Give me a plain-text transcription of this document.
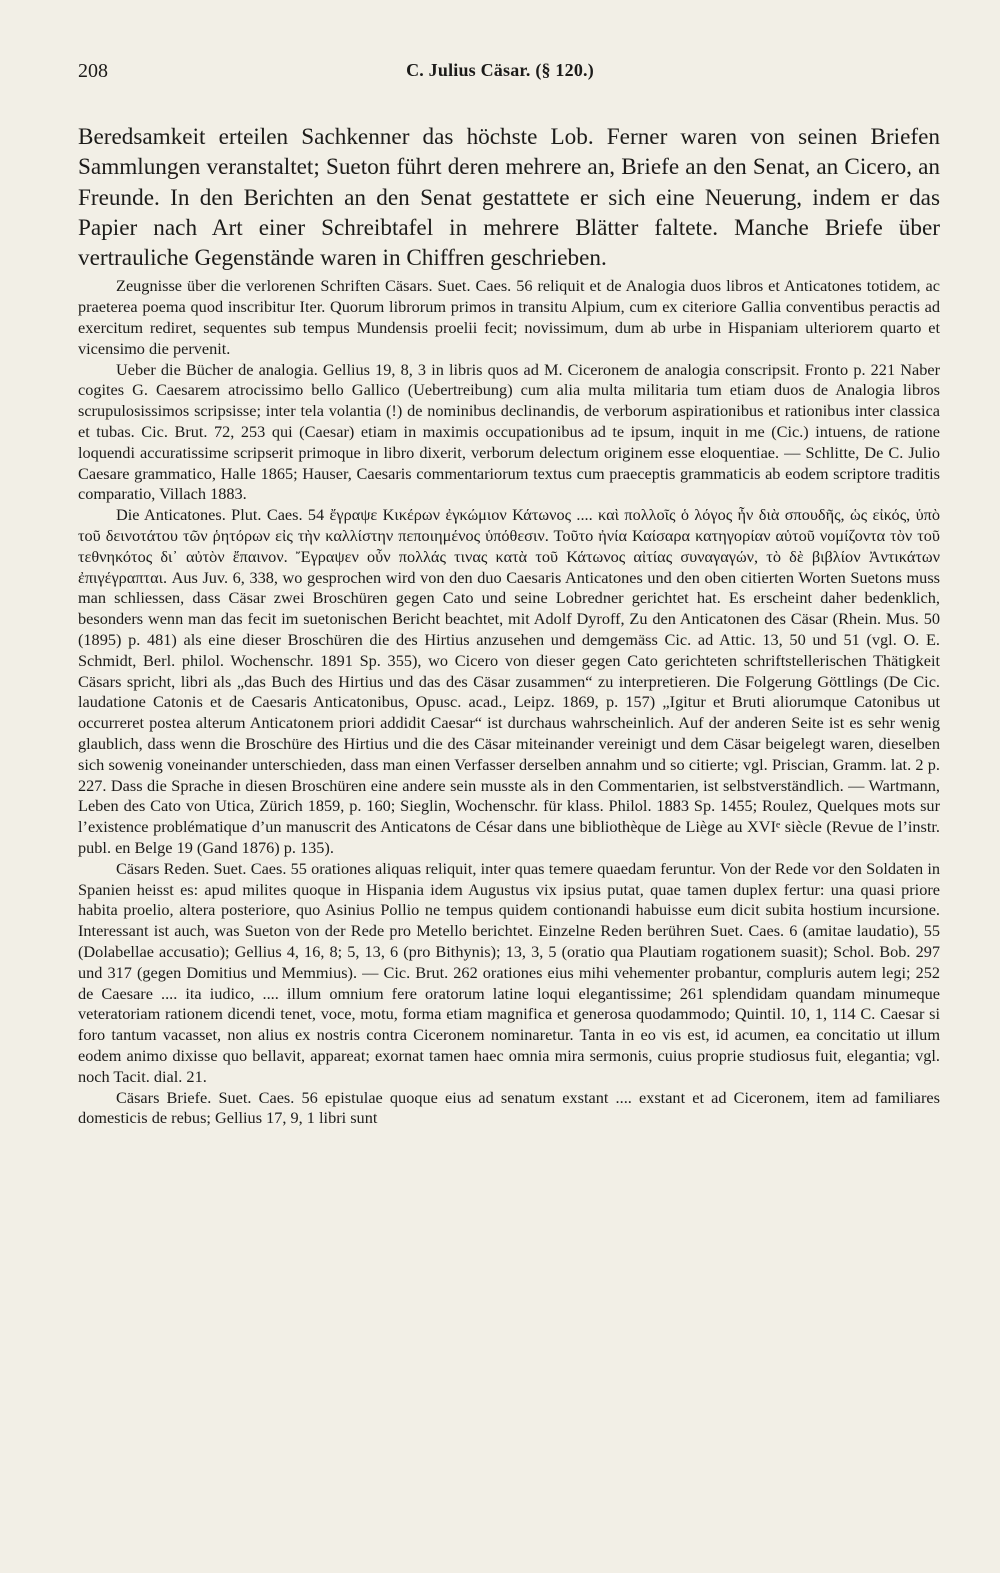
208	C. Julius Cäsar. (§ 120.)

Beredsamkeit erteilen Sachkenner das höchste Lob. Ferner waren von seinen Briefen Sammlungen veranstaltet; Sueton führt deren mehrere an, Briefe an den Senat, an Cicero, an Freunde. In den Berichten an den Senat gestattete er sich eine Neuerung, indem er das Papier nach Art einer Schreibtafel in mehrere Blätter faltete. Manche Briefe über vertrauliche Gegenstände waren in Chiffren geschrieben.

Zeugnisse über die verlorenen Schriften Cäsars. Suet. Caes. 56 reliquit et de Analogia duos libros et Anticatones totidem, ac praeterea poema quod inscribitur Iter. Quorum librorum primos in transitu Alpium, cum ex citeriore Gallia conventibus peractis ad exercitum rediret, sequentes sub tempus Mundensis proelii fecit; novissimum, dum ab urbe in Hispaniam ulteriorem quarto et vicensimo die pervenit.

Ueber die Bücher de analogia. Gellius 19, 8, 3 in libris quos ad M. Ciceronem de analogia conscripsit. Fronto p. 221 Naber cogites G. Caesarem atrocissimo bello Gallico (Uebertreibung) cum alia multa militaria tum etiam duos de Analogia libros scrupulosissimos scripsisse; inter tela volantia (!) de nominibus declinandis, de verborum aspirationibus et rationibus inter classica et tubas. Cic. Brut. 72, 253 qui (Caesar) etiam in maximis occupationibus ad te ipsum, inquit in me (Cic.) intuens, de ratione loquendi accuratissime scripserit primoque in libro dixerit, verborum delectum originem esse eloquentiae. — Schlitte, De C. Julio Caesare grammatico, Halle 1865; Hauser, Caesaris commentariorum textus cum praeceptis grammaticis ab eodem scriptore traditis comparatio, Villach 1883.

Die Anticatones. Plut. Caes. 54 ἔγραψε Κικέρων ἐγκώμιον Κάτωνος .... καὶ πολλοῖς ὁ λόγος ἦν διὰ σπουδῆς, ὡς εἰκός, ὑπὸ τοῦ δεινοτάτου τῶν ῥητόρων εἰς τὴν καλλίστην πεποιημένος ὑπόθεσιν. Τοῦτο ἠνία Καίσαρα κατηγορίαν αὑτοῦ νομίζοντα τὸν τοῦ τεθνηκότος δι᾽ αὐτὸν ἔπαινον. Ἔγραψεν οὖν πολλάς τινας κατὰ τοῦ Κάτωνος αἰτίας συναγαγών, τὸ δὲ βιβλίον Ἀντικάτων ἐπιγέγραπται. Aus Juv. 6, 338, wo gesprochen wird von den duo Caesaris Anticatones und den oben citierten Worten Suetons muss man schliessen, dass Cäsar zwei Broschüren gegen Cato und seine Lobredner gerichtet hat. Es erscheint daher bedenklich, besonders wenn man das fecit im suetonischen Bericht beachtet, mit Adolf Dyroff, Zu den Anticatonen des Cäsar (Rhein. Mus. 50 (1895) p. 481) als eine dieser Broschüren die des Hirtius anzusehen und demgemäss Cic. ad Attic. 13, 50 und 51 (vgl. O. E. Schmidt, Berl. philol. Wochenschr. 1891 Sp. 355), wo Cicero von dieser gegen Cato gerichteten schriftstellerischen Thätigkeit Cäsars spricht, libri als „das Buch des Hirtius und das des Cäsar zusammen“ zu interpretieren. Die Folgerung Göttlings (De Cic. laudatione Catonis et de Caesaris Anticatonibus, Opusc. acad., Leipz. 1869, p. 157) „Igitur et Bruti aliorumque Catonibus ut occurreret postea alterum Anticatonem priori addidit Caesar“ ist durchaus wahrscheinlich. Auf der anderen Seite ist es sehr wenig glaublich, dass wenn die Broschüre des Hirtius und die des Cäsar miteinander vereinigt und dem Cäsar beigelegt waren, dieselben sich sowenig voneinander unterschieden, dass man einen Verfasser derselben annahm und so citierte; vgl. Priscian, Gramm. lat. 2 p. 227. Dass die Sprache in diesen Broschüren eine andere sein musste als in den Commentarien, ist selbstverständlich. — Wartmann, Leben des Cato von Utica, Zürich 1859, p. 160; Sieglin, Wochenschr. für klass. Philol. 1883 Sp. 1455; Roulez, Quelques mots sur l’existence problématique d’un manuscrit des Anticatons de César dans une bibliothèque de Liège au XVIᵉ siècle (Revue de l’instr. publ. en Belge 19 (Gand 1876) p. 135).

Cäsars Reden. Suet. Caes. 55 orationes aliquas reliquit, inter quas temere quaedam feruntur. Von der Rede vor den Soldaten in Spanien heisst es: apud milites quoque in Hispania idem Augustus vix ipsius putat, quae tamen duplex fertur: una quasi priore habita proelio, altera posteriore, quo Asinius Pollio ne tempus quidem contionandi habuisse eum dicit subita hostium incursione. Interessant ist auch, was Sueton von der Rede pro Metello berichtet. Einzelne Reden berühren Suet. Caes. 6 (amitae laudatio), 55 (Dolabellae accusatio); Gellius 4, 16, 8; 5, 13, 6 (pro Bithynis); 13, 3, 5 (oratio qua Plautiam rogationem suasit); Schol. Bob. 297 und 317 (gegen Domitius und Memmius). — Cic. Brut. 262 orationes eius mihi vehementer probantur, compluris autem legi; 252 de Caesare .... ita iudico, .... illum omnium fere oratorum latine loqui elegantissime; 261 splendidam quandam minumeque veteratoriam rationem dicendi tenet, voce, motu, forma etiam magnifica et generosa quodammodo; Quintil. 10, 1, 114 C. Caesar si foro tantum vacasset, non alius ex nostris contra Ciceronem nominaretur. Tanta in eo vis est, id acumen, ea concitatio ut illum eodem animo dixisse quo bellavit, appareat; exornat tamen haec omnia mira sermonis, cuius proprie studiosus fuit, elegantia; vgl. noch Tacit. dial. 21.

Cäsars Briefe. Suet. Caes. 56 epistulae quoque eius ad senatum exstant .... exstant et ad Ciceronem, item ad familiares domesticis de rebus; Gellius 17, 9, 1 libri sunt
